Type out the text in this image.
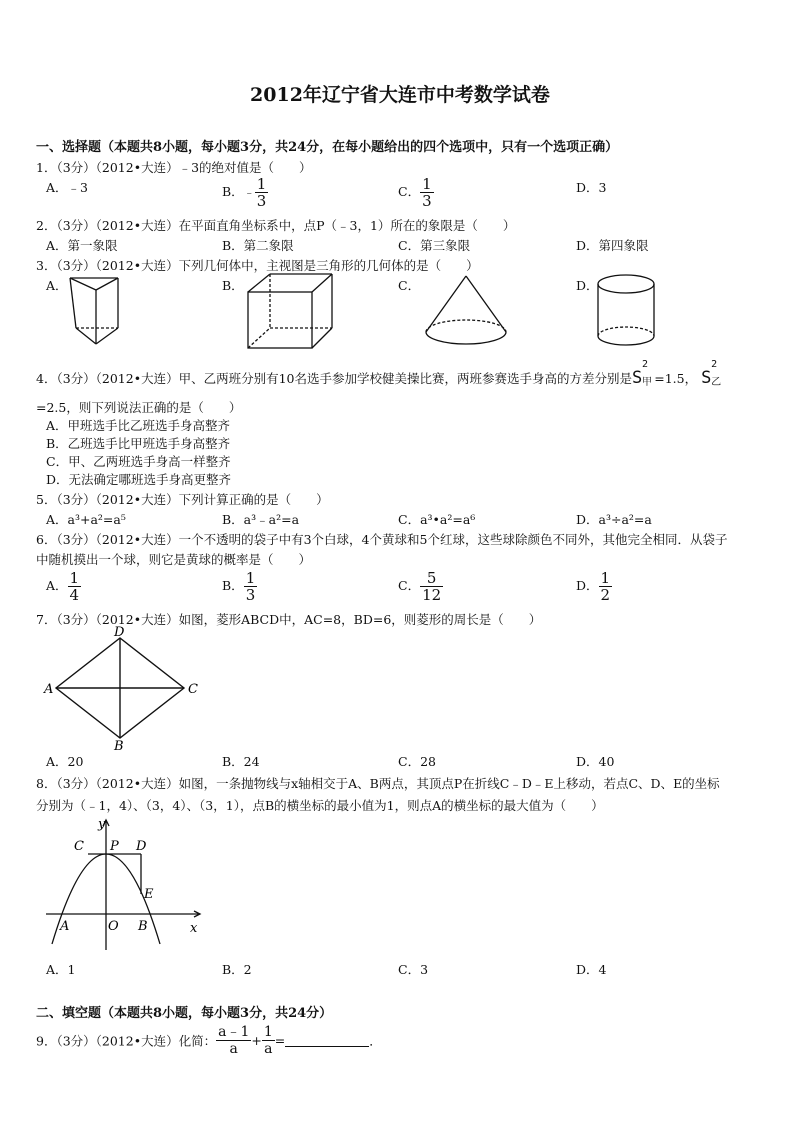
2012年辽宁省大连市中考数学试卷
一、选择题（本题共8小题，每小题3分，共24分，在每小题给出的四个选项中，只有一个选项正确）
1．（3分）（2012•大连）﹣3的绝对值是（　　）
A．﹣3	B．﹣ $\frac{1}{3}$	C． $\frac{1}{3}$	D．3
2．（3分）（2012•大连）在平面直角坐标系中，点P（﹣3，1）所在的象限是（　　）
A．第一象限	B．第二象限	C．第三象限	D．第四象限
3．（3分）（2012•大连）下列几何体中，主视图是三角形的几何体的是（　　）
A．	B．	C．	D．
4．（3分）（2012•大连）甲、乙两班分别有10名选手参加学校健美操比赛，两班参赛选手身高的方差分别是S
2
甲 =1.5， S
2
乙
=2.5，则下列说法正确的是（　　）
A．甲班选手比乙班选手身高整齐
B．乙班选手比甲班选手身高整齐
C．甲、乙两班选手身高一样整齐
D．无法确定哪班选手身高更整齐
5．（3分）（2012•大连）下列计算正确的是（　　）
A．a³+a²=a⁵	B．a³﹣a²=a	C．a³•a²=a⁶	D．a³÷a²=a
6．（3分）（2012•大连）一个不透明的袋子中有3个白球，4个黄球和5个红球，这些球除颜色不同外，其他完全相同．从袋子
中随机摸出一个球，则它是黄球的概率是（　　）
A． $\frac{1}{4}$	B． $\frac{1}{3}$	C． $\frac{5}{12}$	D． $\frac{1}{2}$
7．（3分）（2012•大连）如图，菱形ABCD中，AC=8，BD=6，则菱形的周长是（　　）
D
C
B
A
A．20	B．24	C．28	D．40
8．（3分）（2012•大连）如图，一条抛物线与x轴相交于A、B两点，其顶点P在折线C﹣D﹣E上移动，若点C、D、E的坐标
分别为（﹣1，4）、（3，4）、（3，1），点B的横坐标的最小值为1，则点A的横坐标的最大值为（　　）
y
x
C P D
E
A	O B
A．1	B．2	C．3	D．4
二、填空题（本题共8小题，每小题3分，共24分）
9．（3分）（2012•大连）化简： $\frac{a﹣1}{a} + \frac{1}{a}$ =	．
